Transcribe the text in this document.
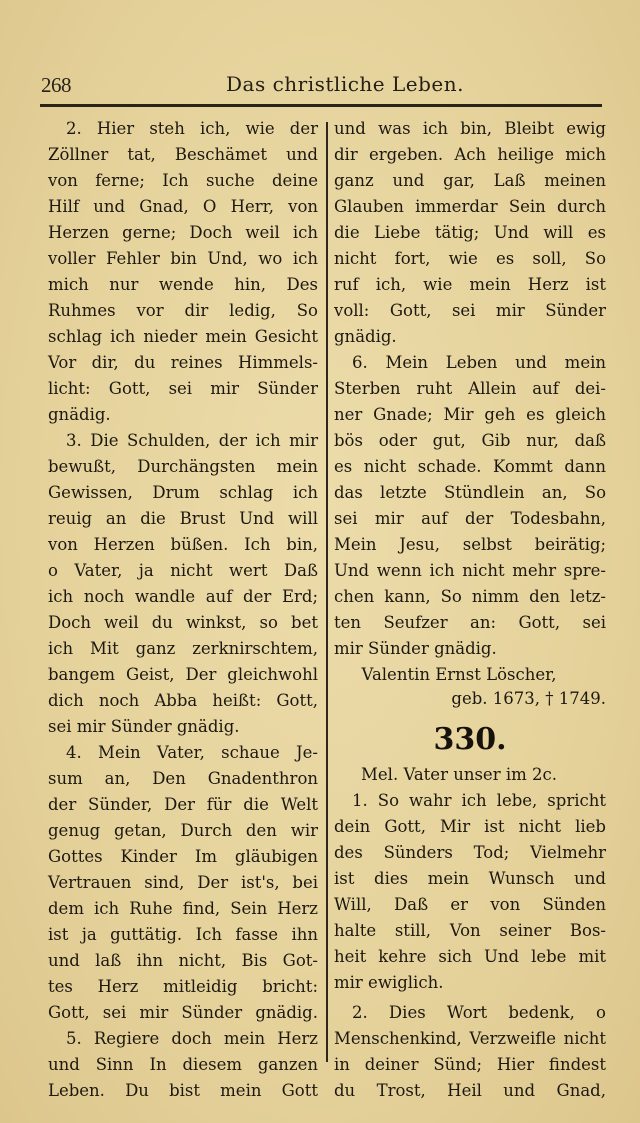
268	Das christliche Leben.
2. Hier steh ich, wie der
Zöllner tat, Beschämet und
von ferne; Ich suche deine
Hilf und Gnad, O Herr, von
Herzen gerne; Doch weil ich
voller Fehler bin Und, wo ich
mich nur wende hin, Des
Ruhmes vor dir ledig, So
schlag ich nieder mein Gesicht
Vor dir, du reines Himmels-
licht: Gott, sei mir Sünder
gnädig.
3. Die Schulden, der ich mir
bewußt, Durchängsten mein
Gewissen, Drum schlag ich
reuig an die Brust Und will
von Herzen büßen. Ich bin,
o Vater, ja nicht wert Daß
ich noch wandle auf der Erd;
Doch weil du winkst, so bet
ich Mit ganz zerknirschtem,
bangem Geist, Der gleichwohl
dich noch Abba heißt: Gott,
sei mir Sünder gnädig.
4. Mein Vater, schaue Je-
sum an, Den Gnadenthron
der Sünder, Der für die Welt
genug getan, Durch den wir
Gottes Kinder Im gläubigen
Vertrauen sind, Der ist's, bei
dem ich Ruhe find, Sein Herz
ist ja guttätig. Ich fasse ihn
und laß ihn nicht, Bis Got-
tes Herz mitleidig bricht:
Gott, sei mir Sünder gnädig.
5. Regiere doch mein Herz
und Sinn In diesem ganzen
Leben. Du bist mein Gott
und was ich bin, Bleibt ewig
dir ergeben. Ach heilige mich
ganz und gar, Laß meinen
Glauben immerdar Sein durch
die Liebe tätig; Und will es
nicht fort, wie es soll, So
ruf ich, wie mein Herz ist
voll: Gott, sei mir Sünder
gnädig.
6. Mein Leben und mein
Sterben ruht Allein auf dei-
ner Gnade; Mir geh es gleich
bös oder gut, Gib nur, daß
es nicht schade. Kommt dann
das letzte Stündlein an, So
sei mir auf der Todesbahn,
Mein Jesu, selbst beirätig;
Und wenn ich nicht mehr spre-
chen kann, So nimm den letz-
ten Seufzer an: Gott, sei
mir Sünder gnädig.
Valentin Ernst Löscher,
geb. 1673, † 1749.
330.
Mel. Vater unser im 2c.
1. So wahr ich lebe, spricht
dein Gott, Mir ist nicht lieb
des Sünders Tod; Vielmehr
ist dies mein Wunsch und
Will, Daß er von Sünden
halte still, Von seiner Bos-
heit kehre sich Und lebe mit
mir ewiglich.
2. Dies Wort bedenk, o
Menschenkind, Verzweifle nicht
in deiner Sünd; Hier findest
du Trost, Heil und Gnad,
